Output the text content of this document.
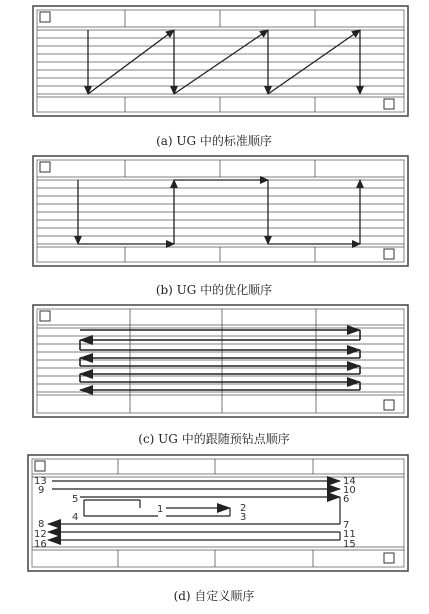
(a) UG 中的标准顺序
(b) UG 中的优化顺序
(c) UG 中的跟随预钻点顺序
13
9
5
4
8
12
16
1	2
3
14
10
6
7
11
15
(d) 自定义顺序
